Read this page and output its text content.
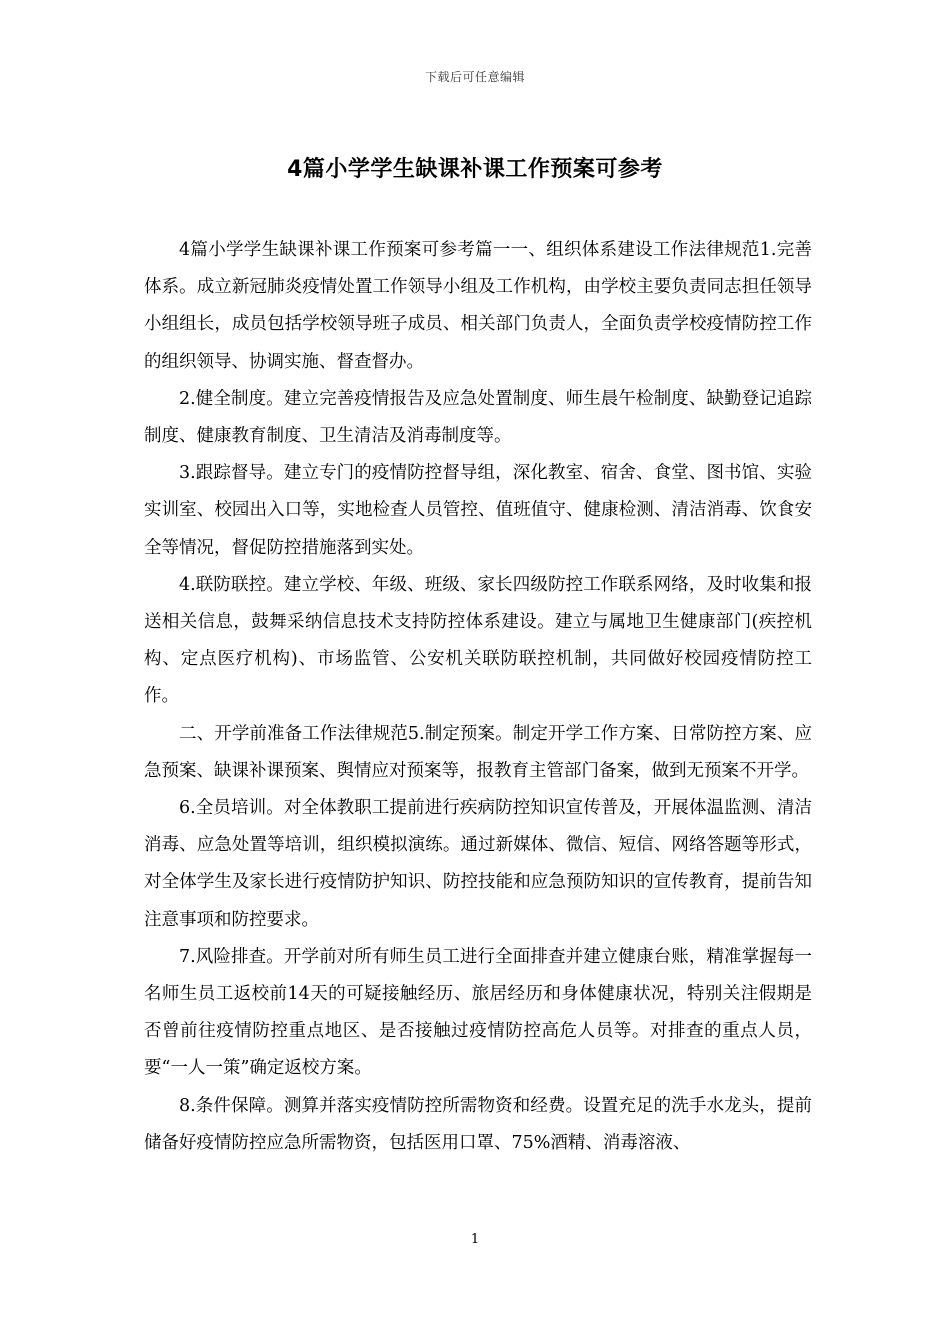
下载后可任意编辑
4篇小学学生缺课补课工作预案可参考

4篇小学学生缺课补课工作预案可参考篇一一、组织体系建设工作法律规范1.完善体系。成立新冠肺炎疫情处置工作领导小组及工作机构，由学校主要负责同志担任领导小组组长，成员包括学校领导班子成员、相关部门负责人，全面负责学校疫情防控工作的组织领导、协调实施、督查督办。

2.健全制度。建立完善疫情报告及应急处置制度、师生晨午检制度、缺勤登记追踪制度、健康教育制度、卫生清洁及消毒制度等。

3.跟踪督导。建立专门的疫情防控督导组，深化教室、宿舍、食堂、图书馆、实验实训室、校园出入口等，实地检查人员管控、值班值守、健康检测、清洁消毒、饮食安全等情况，督促防控措施落到实处。

4.联防联控。建立学校、年级、班级、家长四级防控工作联系网络，及时收集和报送相关信息，鼓舞采纳信息技术支持防控体系建设。建立与属地卫生健康部门(疾控机构、定点医疗机构)、市场监管、公安机关联防联控机制，共同做好校园疫情防控工作。

二、开学前准备工作法律规范5.制定预案。制定开学工作方案、日常防控方案、应急预案、缺课补课预案、舆情应对预案等，报教育主管部门备案，做到无预案不开学。

6.全员培训。对全体教职工提前进行疾病防控知识宣传普及，开展体温监测、清洁消毒、应急处置等培训，组织模拟演练。通过新媒体、微信、短信、网络答题等形式，对全体学生及家长进行疫情防护知识、防控技能和应急预防知识的宣传教育，提前告知注意事项和防控要求。

7.风险排查。开学前对所有师生员工进行全面排查并建立健康台账，精准掌握每一名师生员工返校前14天的可疑接触经历、旅居经历和身体健康状况，特别关注假期是否曾前往疫情防控重点地区、是否接触过疫情防控高危人员等。对排查的重点人员，要“一人一策”确定返校方案。

8.条件保障。测算并落实疫情防控所需物资和经费。设置充足的洗手水龙头，提前储备好疫情防控应急所需物资，包括医用口罩、75%酒精、消毒溶液、

1
